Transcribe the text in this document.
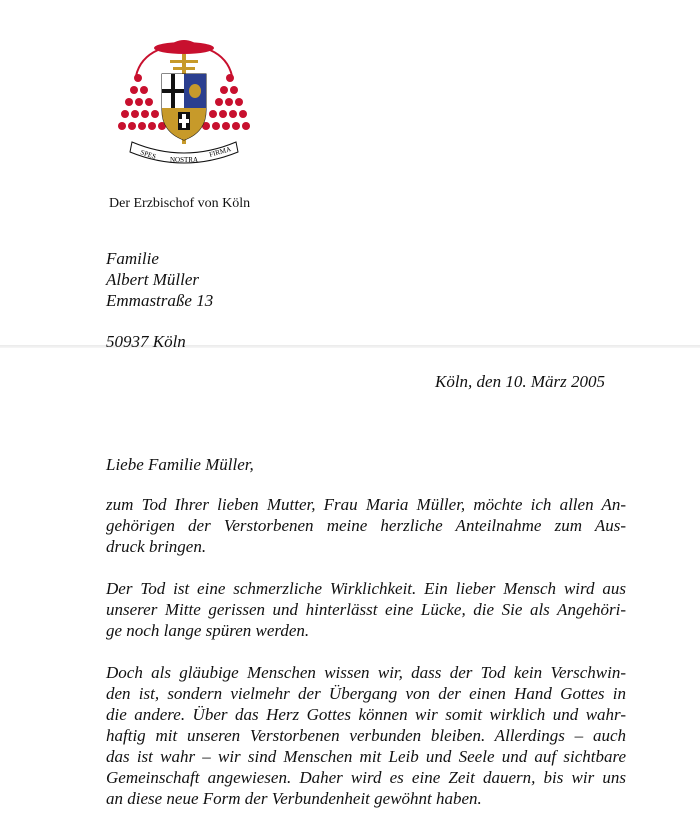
SPES NOSTRA
FIRMA
Der Erzbischof von Köln
Familie
Albert Müller
Emmastraße 13
50937 Köln
Köln, den 10. März 2005
Liebe Familie Müller,
zum Tod Ihrer lieben Mutter, Frau Maria Müller, möchte ich allen An-
gehörigen der Verstorbenen meine herzliche Anteilnahme zum Aus-
druck bringen.
Der Tod ist eine schmerzliche Wirklichkeit. Ein lieber Mensch wird aus
unserer Mitte gerissen und hinterlässt eine Lücke, die Sie als Angehöri-
ge noch lange spüren werden.
Doch als gläubige Menschen wissen wir, dass der Tod kein Verschwin-
den ist, sondern vielmehr der Übergang von der einen Hand Gottes in
die andere. Über das Herz Gottes können wir somit wirklich und wahr-
haftig mit unseren Verstorbenen verbunden bleiben. Allerdings – auch
das ist wahr – wir sind Menschen mit Leib und Seele und auf sichtbare
Gemeinschaft angewiesen. Daher wird es eine Zeit dauern, bis wir uns
an diese neue Form der Verbundenheit gewöhnt haben.
